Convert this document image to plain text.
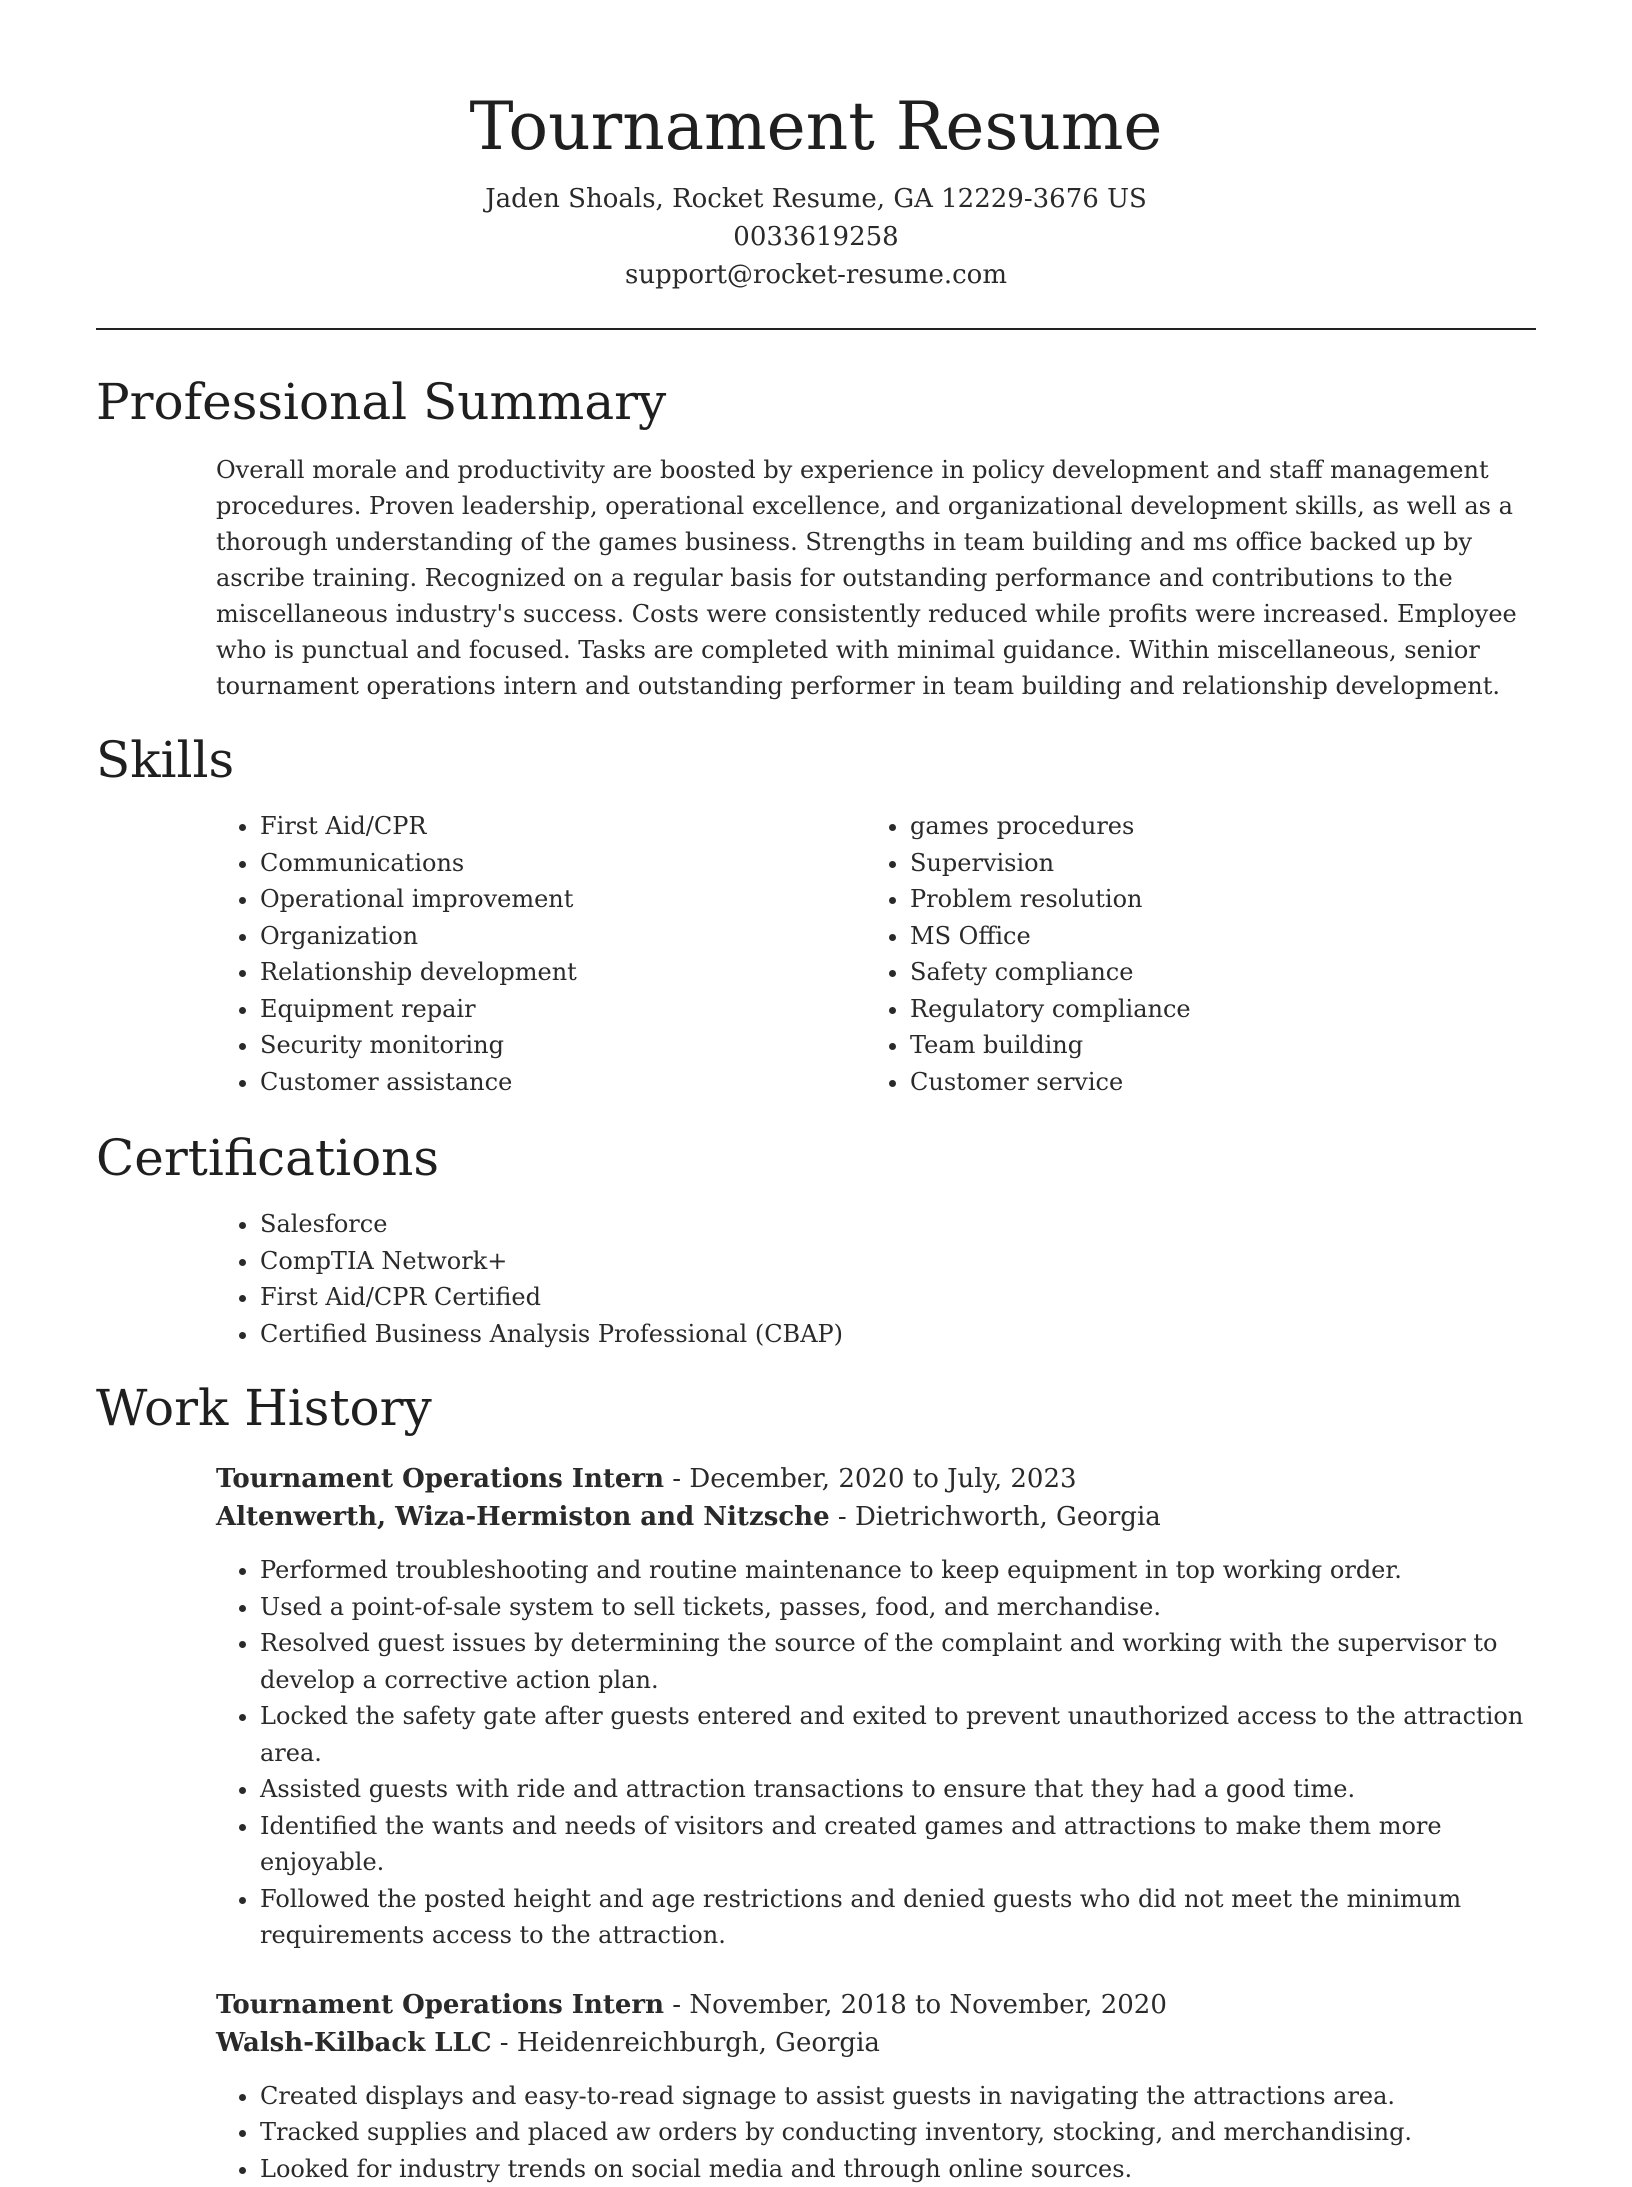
Tournament Resume
Jaden Shoals, Rocket Resume, GA 12229-3676 US
0033619258
support@rocket-resume.com
Professional Summary

Overall morale and productivity are boosted by experience in policy development and staff management procedures. Proven leadership, operational excellence, and organizational development skills, as well as a thorough understanding of the games business. Strengths in team building and ms office backed up by ascribe training. Recognized on a regular basis for outstanding performance and contributions to the miscellaneous industry's success. Costs were consistently reduced while profits were increased. Employee who is punctual and focused. Tasks are completed with minimal guidance. Within miscellaneous, senior tournament operations intern and outstanding performer in team building and relationship development.

Skills
• First Aid/CPR
• Communications
• Operational improvement
• Organization
• Relationship development
• Equipment repair
• Security monitoring
• Customer assistance
• games procedures
• Supervision
• Problem resolution
• MS Office
• Safety compliance
• Regulatory compliance
• Team building
• Customer service
Certifications
• Salesforce
• CompTIA Network+
• First Aid/CPR Certified
• Certified Business Analysis Professional (CBAP)
Work History
Tournament Operations Intern - December, 2020 to July, 2023
Altenwerth, Wiza-Hermiston and Nitzsche - Dietrichworth, Georgia
• Performed troubleshooting and routine maintenance to keep equipment in top working order.
• Used a point-of-sale system to sell tickets, passes, food, and merchandise.
• Resolved guest issues by determining the source of the complaint and working with the supervisor to develop a corrective action plan.
• Locked the safety gate after guests entered and exited to prevent unauthorized access to the attraction area.
• Assisted guests with ride and attraction transactions to ensure that they had a good time.
• Identified the wants and needs of visitors and created games and attractions to make them more enjoyable.
• Followed the posted height and age restrictions and denied guests who did not meet the minimum requirements access to the attraction.
Tournament Operations Intern - November, 2018 to November, 2020
Walsh-Kilback LLC - Heidenreichburgh, Georgia
• Created displays and easy-to-read signage to assist guests in navigating the attractions area.
• Tracked supplies and placed aw orders by conducting inventory, stocking, and merchandising.
• Looked for industry trends on social media and through online sources.
